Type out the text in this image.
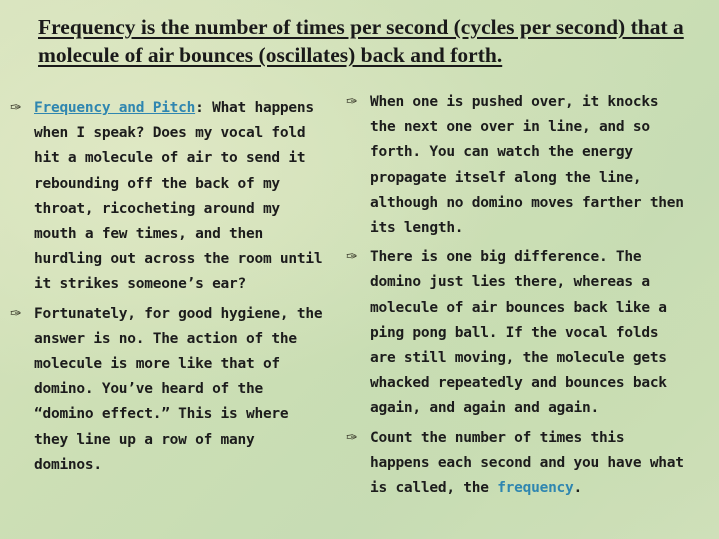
Frequency is the number of times per second (cycles per second) that a molecule of air bounces (oscillates) back and forth.
✑ Frequency and Pitch: What happens when I speak? Does my vocal fold hit a molecule of air to send it rebounding off the back of my throat, ricocheting around my mouth a few times, and then hurdling out across the room until it strikes someone’s ear?
✑ Fortunately, for good hygiene, the answer is no. The action of the molecule is more like that of domino. You’ve heard of the “domino effect.” This is where they line up a row of many dominos.
✑ When one is pushed over, it knocks the next one over in line, and so forth. You can watch the energy propagate itself along the line, although no domino moves farther then its length.
✑ There is one big difference. The domino just lies there, whereas a molecule of air bounces back like a ping pong ball. If the vocal folds are still moving, the molecule gets whacked repeatedly and bounces back again, and again and again.
✑ Count the number of times this happens each second and you have what is called, the frequency.
